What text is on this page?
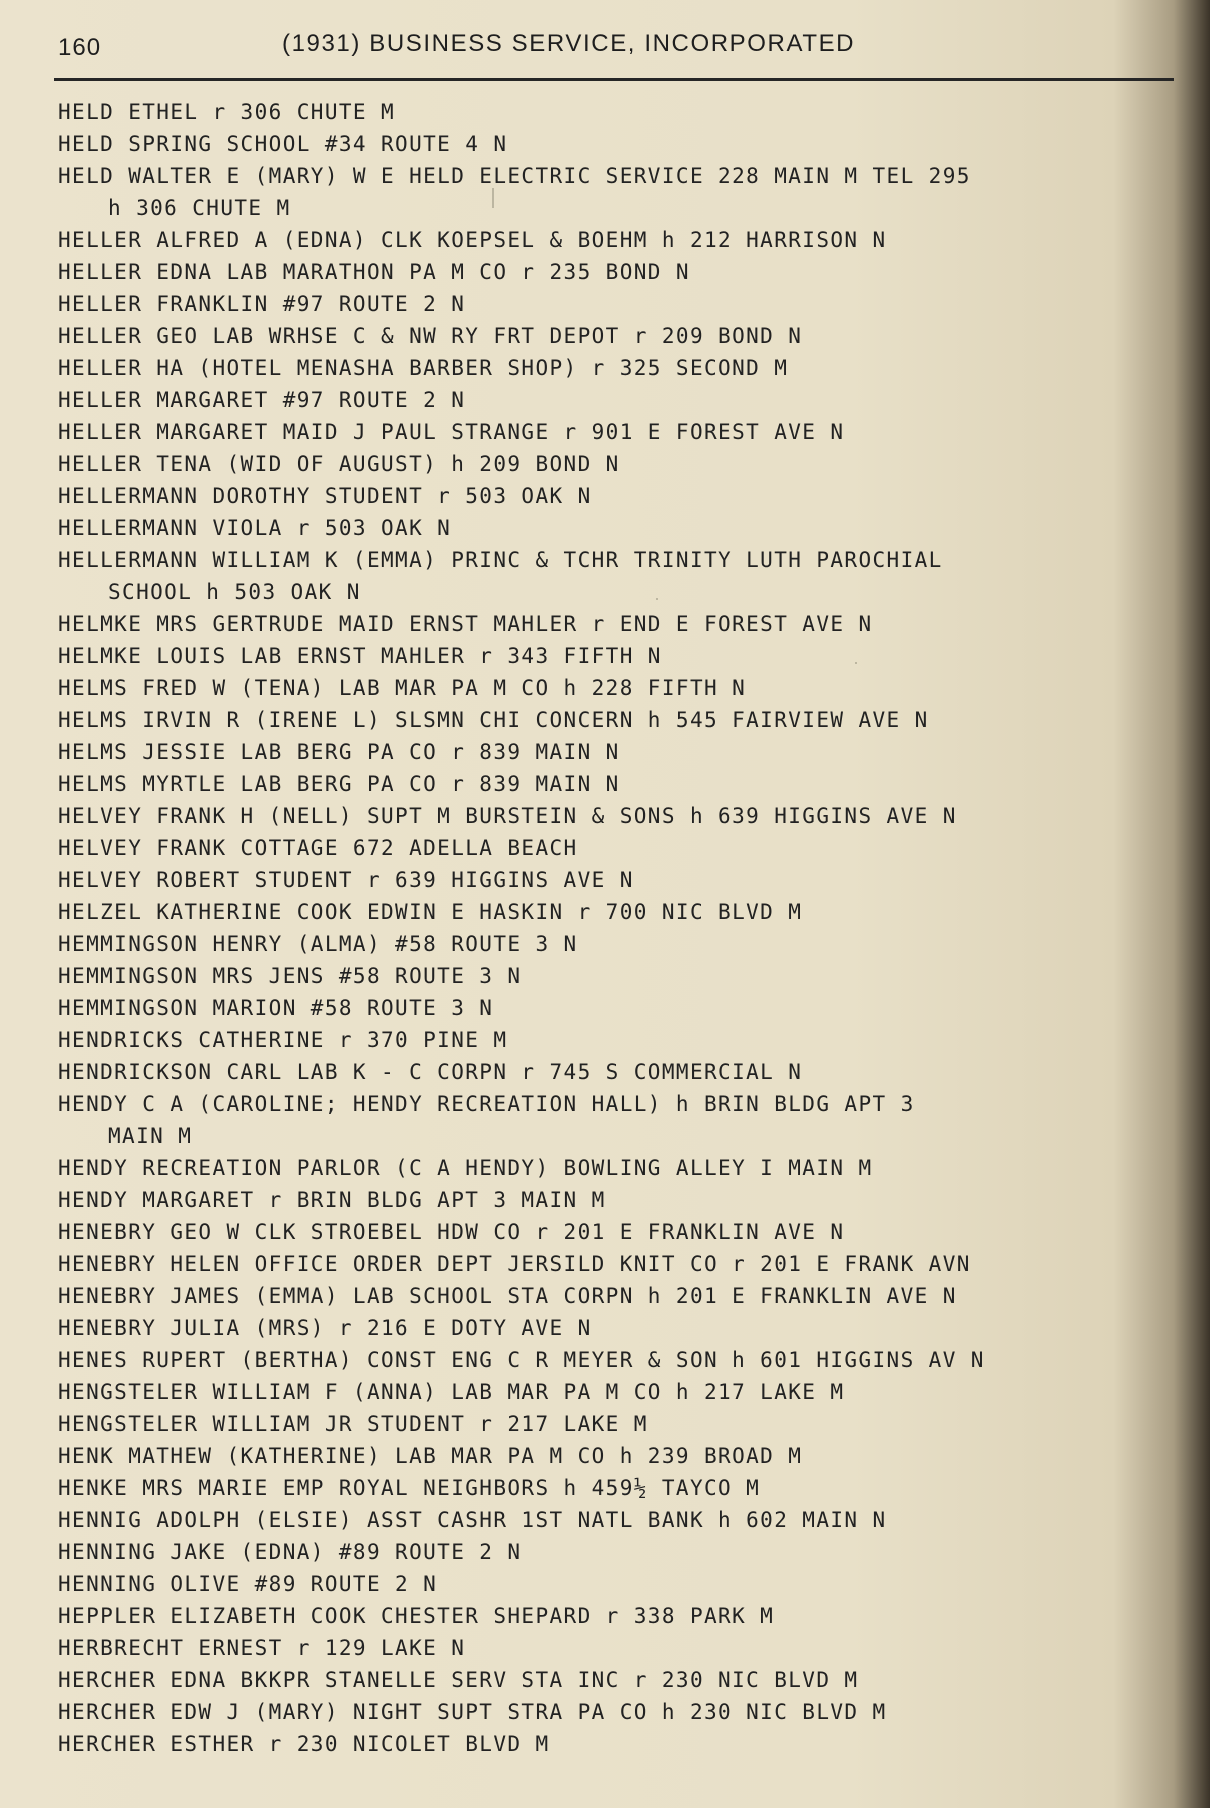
160	(1931) BUSINESS SERVICE, INCORPORATED
HELD ETHEL r 306 CHUTE M
HELD SPRING SCHOOL #34 ROUTE 4 N
HELD WALTER E (MARY) W E HELD ELECTRIC SERVICE 228 MAIN M TEL 295
h 306 CHUTE M
HELLER ALFRED A (EDNA) CLK KOEPSEL & BOEHM h 212 HARRISON N
HELLER EDNA LAB MARATHON PA M CO r 235 BOND N
HELLER FRANKLIN #97 ROUTE 2 N
HELLER GEO LAB WRHSE C & NW RY FRT DEPOT r 209 BOND N
HELLER HA (HOTEL MENASHA BARBER SHOP) r 325 SECOND M
HELLER MARGARET #97 ROUTE 2 N
HELLER MARGARET MAID J PAUL STRANGE r 901 E FOREST AVE N
HELLER TENA (WID OF AUGUST) h 209 BOND N
HELLERMANN DOROTHY STUDENT r 503 OAK N
HELLERMANN VIOLA r 503 OAK N
HELLERMANN WILLIAM K (EMMA) PRINC & TCHR TRINITY LUTH PAROCHIAL
SCHOOL h 503 OAK N
HELMKE MRS GERTRUDE MAID ERNST MAHLER r END E FOREST AVE N
HELMKE LOUIS LAB ERNST MAHLER r 343 FIFTH N
HELMS FRED W (TENA) LAB MAR PA M CO h 228 FIFTH N
HELMS IRVIN R (IRENE L) SLSMN CHI CONCERN h 545 FAIRVIEW AVE N
HELMS JESSIE LAB BERG PA CO r 839 MAIN N
HELMS MYRTLE LAB BERG PA CO r 839 MAIN N
HELVEY FRANK H (NELL) SUPT M BURSTEIN & SONS h 639 HIGGINS AVE N
HELVEY FRANK COTTAGE 672 ADELLA BEACH
HELVEY ROBERT STUDENT r 639 HIGGINS AVE N
HELZEL KATHERINE COOK EDWIN E HASKIN r 700 NIC BLVD M
HEMMINGSON HENRY (ALMA) #58 ROUTE 3 N
HEMMINGSON MRS JENS #58 ROUTE 3 N
HEMMINGSON MARION #58 ROUTE 3 N
HENDRICKS CATHERINE r 370 PINE M
HENDRICKSON CARL LAB K - C CORPN r 745 S COMMERCIAL N
HENDY C A (CAROLINE; HENDY RECREATION HALL) h BRIN BLDG APT 3
MAIN M
HENDY RECREATION PARLOR (C A HENDY) BOWLING ALLEY I MAIN M
HENDY MARGARET r BRIN BLDG APT 3 MAIN M
HENEBRY GEO W CLK STROEBEL HDW CO r 201 E FRANKLIN AVE N
HENEBRY HELEN OFFICE ORDER DEPT JERSILD KNIT CO r 201 E FRANK AVN
HENEBRY JAMES (EMMA) LAB SCHOOL STA CORPN h 201 E FRANKLIN AVE N
HENEBRY JULIA (MRS) r 216 E DOTY AVE N
HENES RUPERT (BERTHA) CONST ENG C R MEYER & SON h 601 HIGGINS AV N
HENGSTELER WILLIAM F (ANNA) LAB MAR PA M CO h 217 LAKE M
HENGSTELER WILLIAM JR STUDENT r 217 LAKE M
HENK MATHEW (KATHERINE) LAB MAR PA M CO h 239 BROAD M
HENKE MRS MARIE EMP ROYAL NEIGHBORS h 459½ TAYCO M
HENNIG ADOLPH (ELSIE) ASST CASHR 1ST NATL BANK h 602 MAIN N
HENNING JAKE (EDNA) #89 ROUTE 2 N
HENNING OLIVE #89 ROUTE 2 N
HEPPLER ELIZABETH COOK CHESTER SHEPARD r 338 PARK M
HERBRECHT ERNEST r 129 LAKE N
HERCHER EDNA BKKPR STANELLE SERV STA INC r 230 NIC BLVD M
HERCHER EDW J (MARY) NIGHT SUPT STRA PA CO h 230 NIC BLVD M
HERCHER ESTHER r 230 NICOLET BLVD M
